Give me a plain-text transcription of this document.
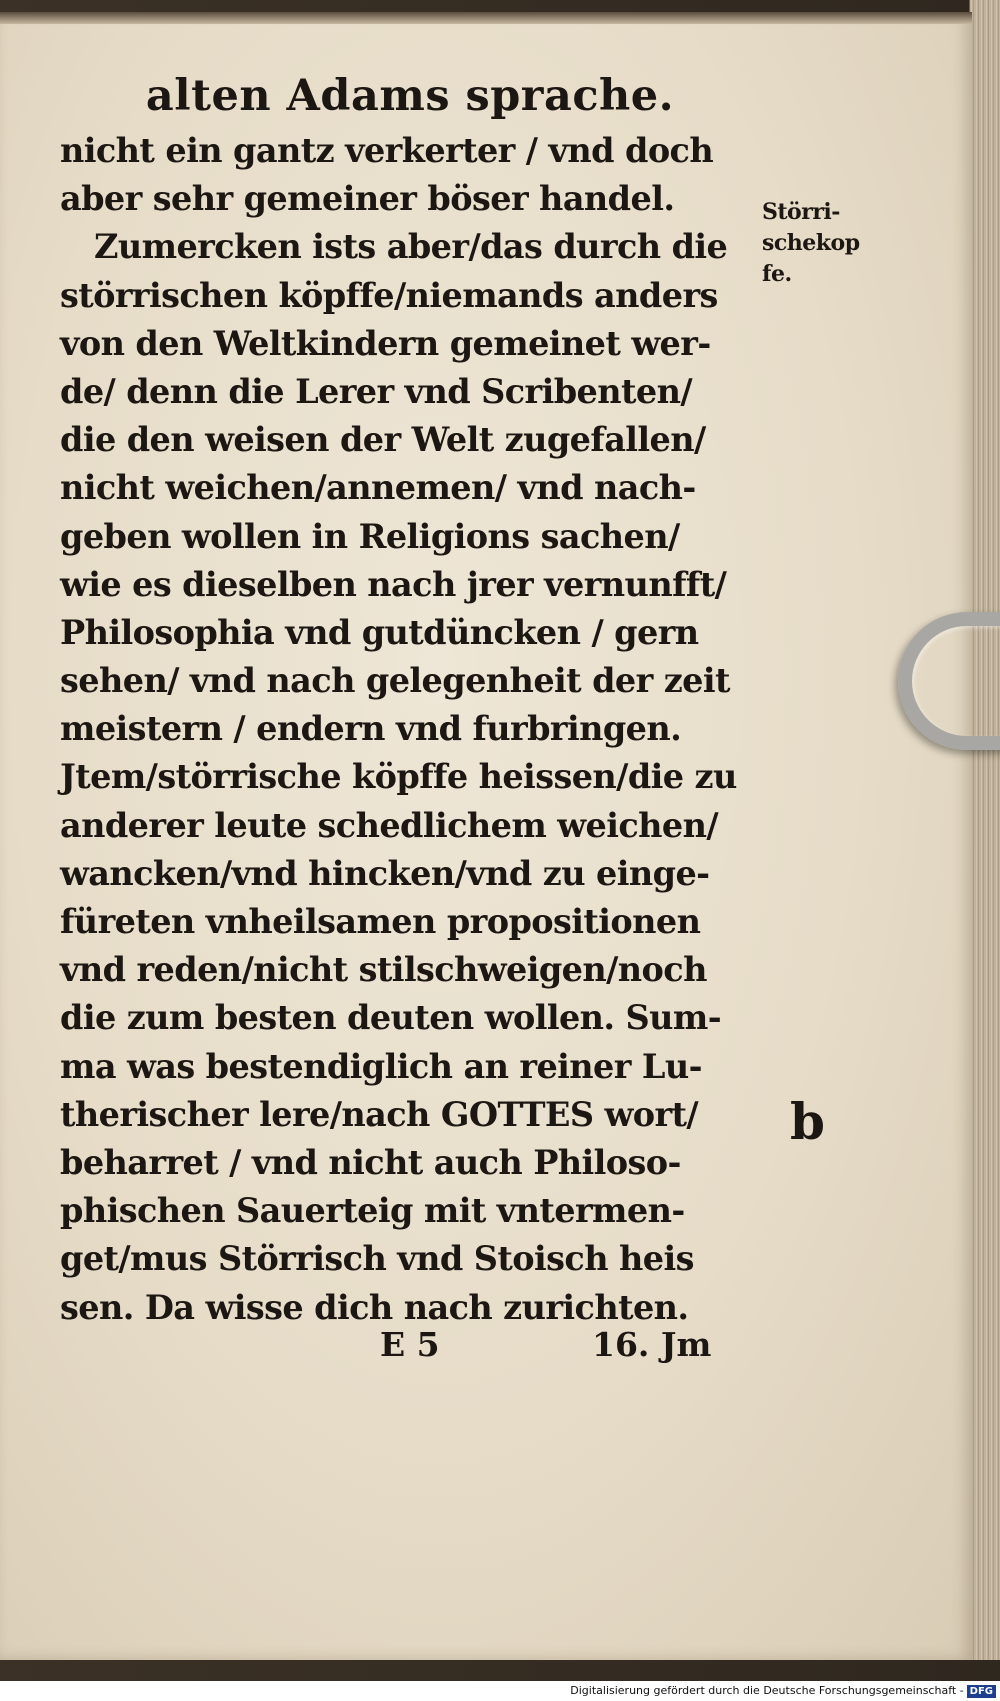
alten Adams sprache.
nicht ein gantz verkerter / vnd doch
aber sehr gemeiner böser handel.
Zumercken ists aber/das durch die
störrischen köpffe/niemands anders
von den Weltkindern gemeinet wer-
de/ denn die Lerer vnd Scribenten/
die den weisen der Welt zugefallen/
nicht weichen/annemen/ vnd nach-
geben wollen in Religions sachen/
wie es dieselben nach jrer vernunfft/
Philosophia vnd gutdüncken / gern
sehen/ vnd nach gelegenheit der zeit
meistern / endern vnd furbringen.
Jtem/störrische köpffe heissen/die zu
anderer leute schedlichem weichen/
wancken/vnd hincken/vnd zu einge-
füreten vnheilsamen propositionen
vnd reden/nicht stilschweigen/noch
die zum besten deuten wollen. Sum-
ma was bestendiglich an reiner Lu-
therischer lere/nach GOTTES wort/
beharret / vnd nicht auch Philoso-
phischen Sauerteig mit vntermen-
get/mus Störrisch vnd Stoisch heis
sen. Da wisse dich nach zurichten.
Störri-
schekop
fe.
b
E 5	16. Jm
Digitalisierung gefördert durch die Deutsche Forschungsgemeinschaft - DFG
